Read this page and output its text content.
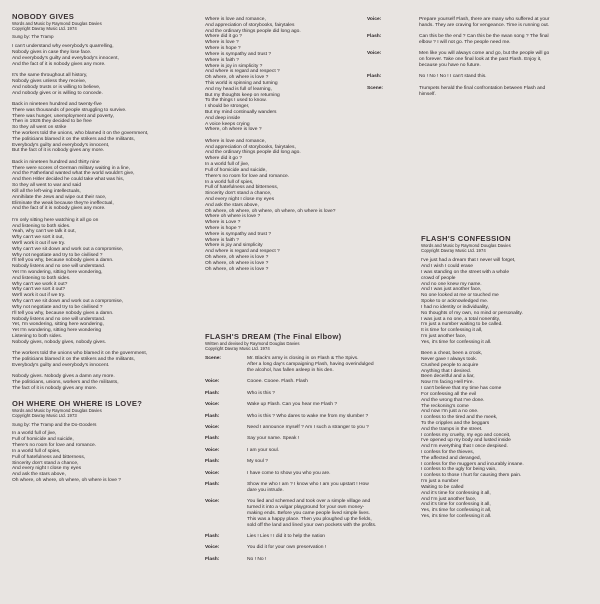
NOBODY GIVES
Words and Music by Raymond Douglas Davies
Copyright Davray Music Ltd. 1974
Sung by: The Tramp
I can't understand why everybody's quarrelling,
Nobody gives in case they lose face.
And everybody's guilty and everybody's innocent,
And the fact of it is nobody gives any more.
It's the same throughout all history,
Nobody gives unless they receive,
And nobody trusts or is willing to believe,
And nobody gives or is willing to concede.
Back in nineteen hundred and twenty-five
There was thousands of people struggling to survive.
There was hunger, unemployment and poverty,
Then in 1926 they decided to be free
So they all went on strike
The workers told the unions, who blamed it on the government,
The politicians blamed it on the strikers and the militants,
Everybody's guilty and everybody's innocent,
But the fact of it is nobody gives any more.
Back in nineteen hundred and thirty nine
There were scores of German military waiting in a line,
And the Fatherland wanted what the world wouldn't give,
And then Hitler decided he could take what was his,
So they all went to war and said
Kill all the left-wing intellectuals,
Annihilate the Jews and wipe out their race,
Eliminate the weak because they're ineffectual,
And the fact of it is nobody gives any more.
I'm only sitting here watching it all go on
And listening to both sides.
Yeah, why can't we talk it out,
Why can't we sort it out,
We'll work it out if we try.
Why can't we sit down and work out a compromise,
Why not negotiate and try to be civilised ?
I'll tell you why, because nobody gives a damn.
Nobody listens and no one will understand.
Yet I'm wondering, sitting here wondering,
And listening to both sides.
Why can't we work it out?
Why can't we sort it out?
We'll work it out if we try.
Why can't we sit down and work out a compromise,
Why not negotiate and try to be civilised ?
I'll tell you why, because nobody gives a damn.
Nobody listens and no one will understand.
Yet, I'm wondering, sitting here wondering,
Yet I'm wondering, sitting here wondering
Listening to both sides.
Nobody gives, nobody gives, nobody gives.
The workers told the unions who blamed it on the government,
The politicians blamed it on the strikers and the militants,
Everybody's guilty and everybody's innocent.
Nobody gives. Nobody gives a damn any more.
The politicians, unions, workers and the militants,
The fact of it is nobody gives any more.
OH WHERE OH WHERE IS LOVE?
Words and Music by Raymond Douglas Davies
Copyright Davray Music Ltd. 1973
Sung by: The Tramp and the Do-Gooders
In a world full of jive,
Full of homicide and suicide,
There's no room for love and romance.
In a world full of spies,
Full of hatefulness and bitterness,
Sincerity don't stand a chance,
And every night I close my eyes
And ask the stars above,
Oh where, oh where, oh where, oh where is love ?
Where is love and romance,
And appreciation of storybooks, fairytales
And the ordinary things people did long ago.
Where did it go ?
Where is love ?
Where is hope ?
Where is sympathy and trust ?
Where is faith ?
Where is joy in simplicity ?
And where is regard and respect ?
Oh where, oh where is love ?
This world is spinning and turning
And my head is full of learning,
But my thoughts keep on returning
To the things I used to know.
I should be stronger,
But my mind continually wanders
And deep inside
A voice keeps crying
Where, oh where is love ?
Where is love and romance,
And appreciation of storybooks, fairytales,
And the ordinary things people did long ago.
Where did it go ?
In a world full of jive,
Full of homicide and suicide,
There's no room for love and romance.
In a world full of spies,
Full of hatefulness and bitterness,
Sincerity don't stand a chance,
And every night I close my eyes
And ask the stars above,
Oh where, oh where, oh where, oh where, oh where is love?
Where oh where is love ?
Where is Love ?
Where is hope ?
Where is sympathy and trust ?
Where is faith ?
Where is joy and simplicity
And where is regard and respect ?
Oh where, oh where is love ?
Oh where, oh where is love ?
Oh where, oh where is love ?
Voice:	Prepare yourself Flash, there are many who suffered at your
hands. They are craving for vengeance. Time is running out.
Flash:	Can this be the end ? Can this be the swan song ? The final
elbow ? I will not go. The people need me.
Voice:	Men like you will always come and go, but the people will go
on forever. Take one final look at the past Flash. Enjoy it,
because you have no future.
Flash:	No ! No ! No ! I can't stand this.
Scene:	Trumpets herald the final confrontation between Flash and
himself.
FLASH'S CONFESSION
Words and Music by Raymond Douglas Davies
Copyright Davray Music Ltd. 1974
I've just had a dream that I never will forget,
And I wish I could erase
I was standing on the street with a whole
crowd of people
And no one knew my name.
And I was just another face,
No one looked at me or touched me
Spoke to or acknowledged me.
I had no identity or individuality,
No thoughts of my own, no mind or personality.
I was just a no one, a total nonentity,
I'm just a number waiting to be called.
It is time for confessing it all,
I'm just another face,
Yes, it's time for confessing it all.
Been a cheat, been a crook,
Never gave I always took.
Crushed people to acquire
Anything that I desired.
Been deceitful and a liar,
Now I'm facing Hell Fire.
I can't believe that my time has come
For confessing all the evil
And the wrong that I've done.
The reckoning's come
And now I'm just a no one.
I confess to the tired and the meek,
To the cripples and the beggars
And the tramps in the street.
I confess my cruelty, my ego and conceit,
I've opened up my body and lusted inside
And I'm everything that I once despised.
I confess for the thieves,
The affected and deranged,
I confess for the muggers and incurably insane.
I confess to the ugly for being vain,
I confess to those I hurt for causing them pain.
I'm just a number
Waiting to be called
And it's time for confessing it all,
And I'm just another face,
And it's time for confessing it all,
Yes, it's time for confessing it all,
Yes, it's time for confessing it all.
FLASH'S DREAM (The Final Elbow)
Written and devised by Raymond Douglas Davies
Copyright Davray Music Ltd. 1974
Scene:	Mr. Black's army is closing in on Flash & The Spivs.
After a long day's campaigning Flash, having overindulged
the alcohol, has fallen asleep in his den.
Voice:	Cooee. Cooee. Flash. Flash
Flash:	Who is this ?
Voice:	Wake up Flash. Can you hear me Flash ?
Flash:	Who is this ? Who dares to wake me from my slumber ?
Voice:	Need I announce myself ? Am I such a stranger to you ?
Flash:	Say your name. Speak !
Voice:	I am your soul.
Flash:	My soul ?
Voice:	I have come to show you who you are.
Flash:	Show me who I am ? I know who I am you upstart ! How
dare you intrude.
Voice:	You lied and schemed and took over a simple village and
turned it into a vulgar playground for your own money-
making ends. Before you came people lived simple lives.
This was a happy place. Then you ploughed up the fields,
sold off the land and lined your own pockets with the profits.
Flash:	Lies ! Lies ! I did it to help the nation
Voice:	You did it for your own preservation !
Flash:	No ! No !
